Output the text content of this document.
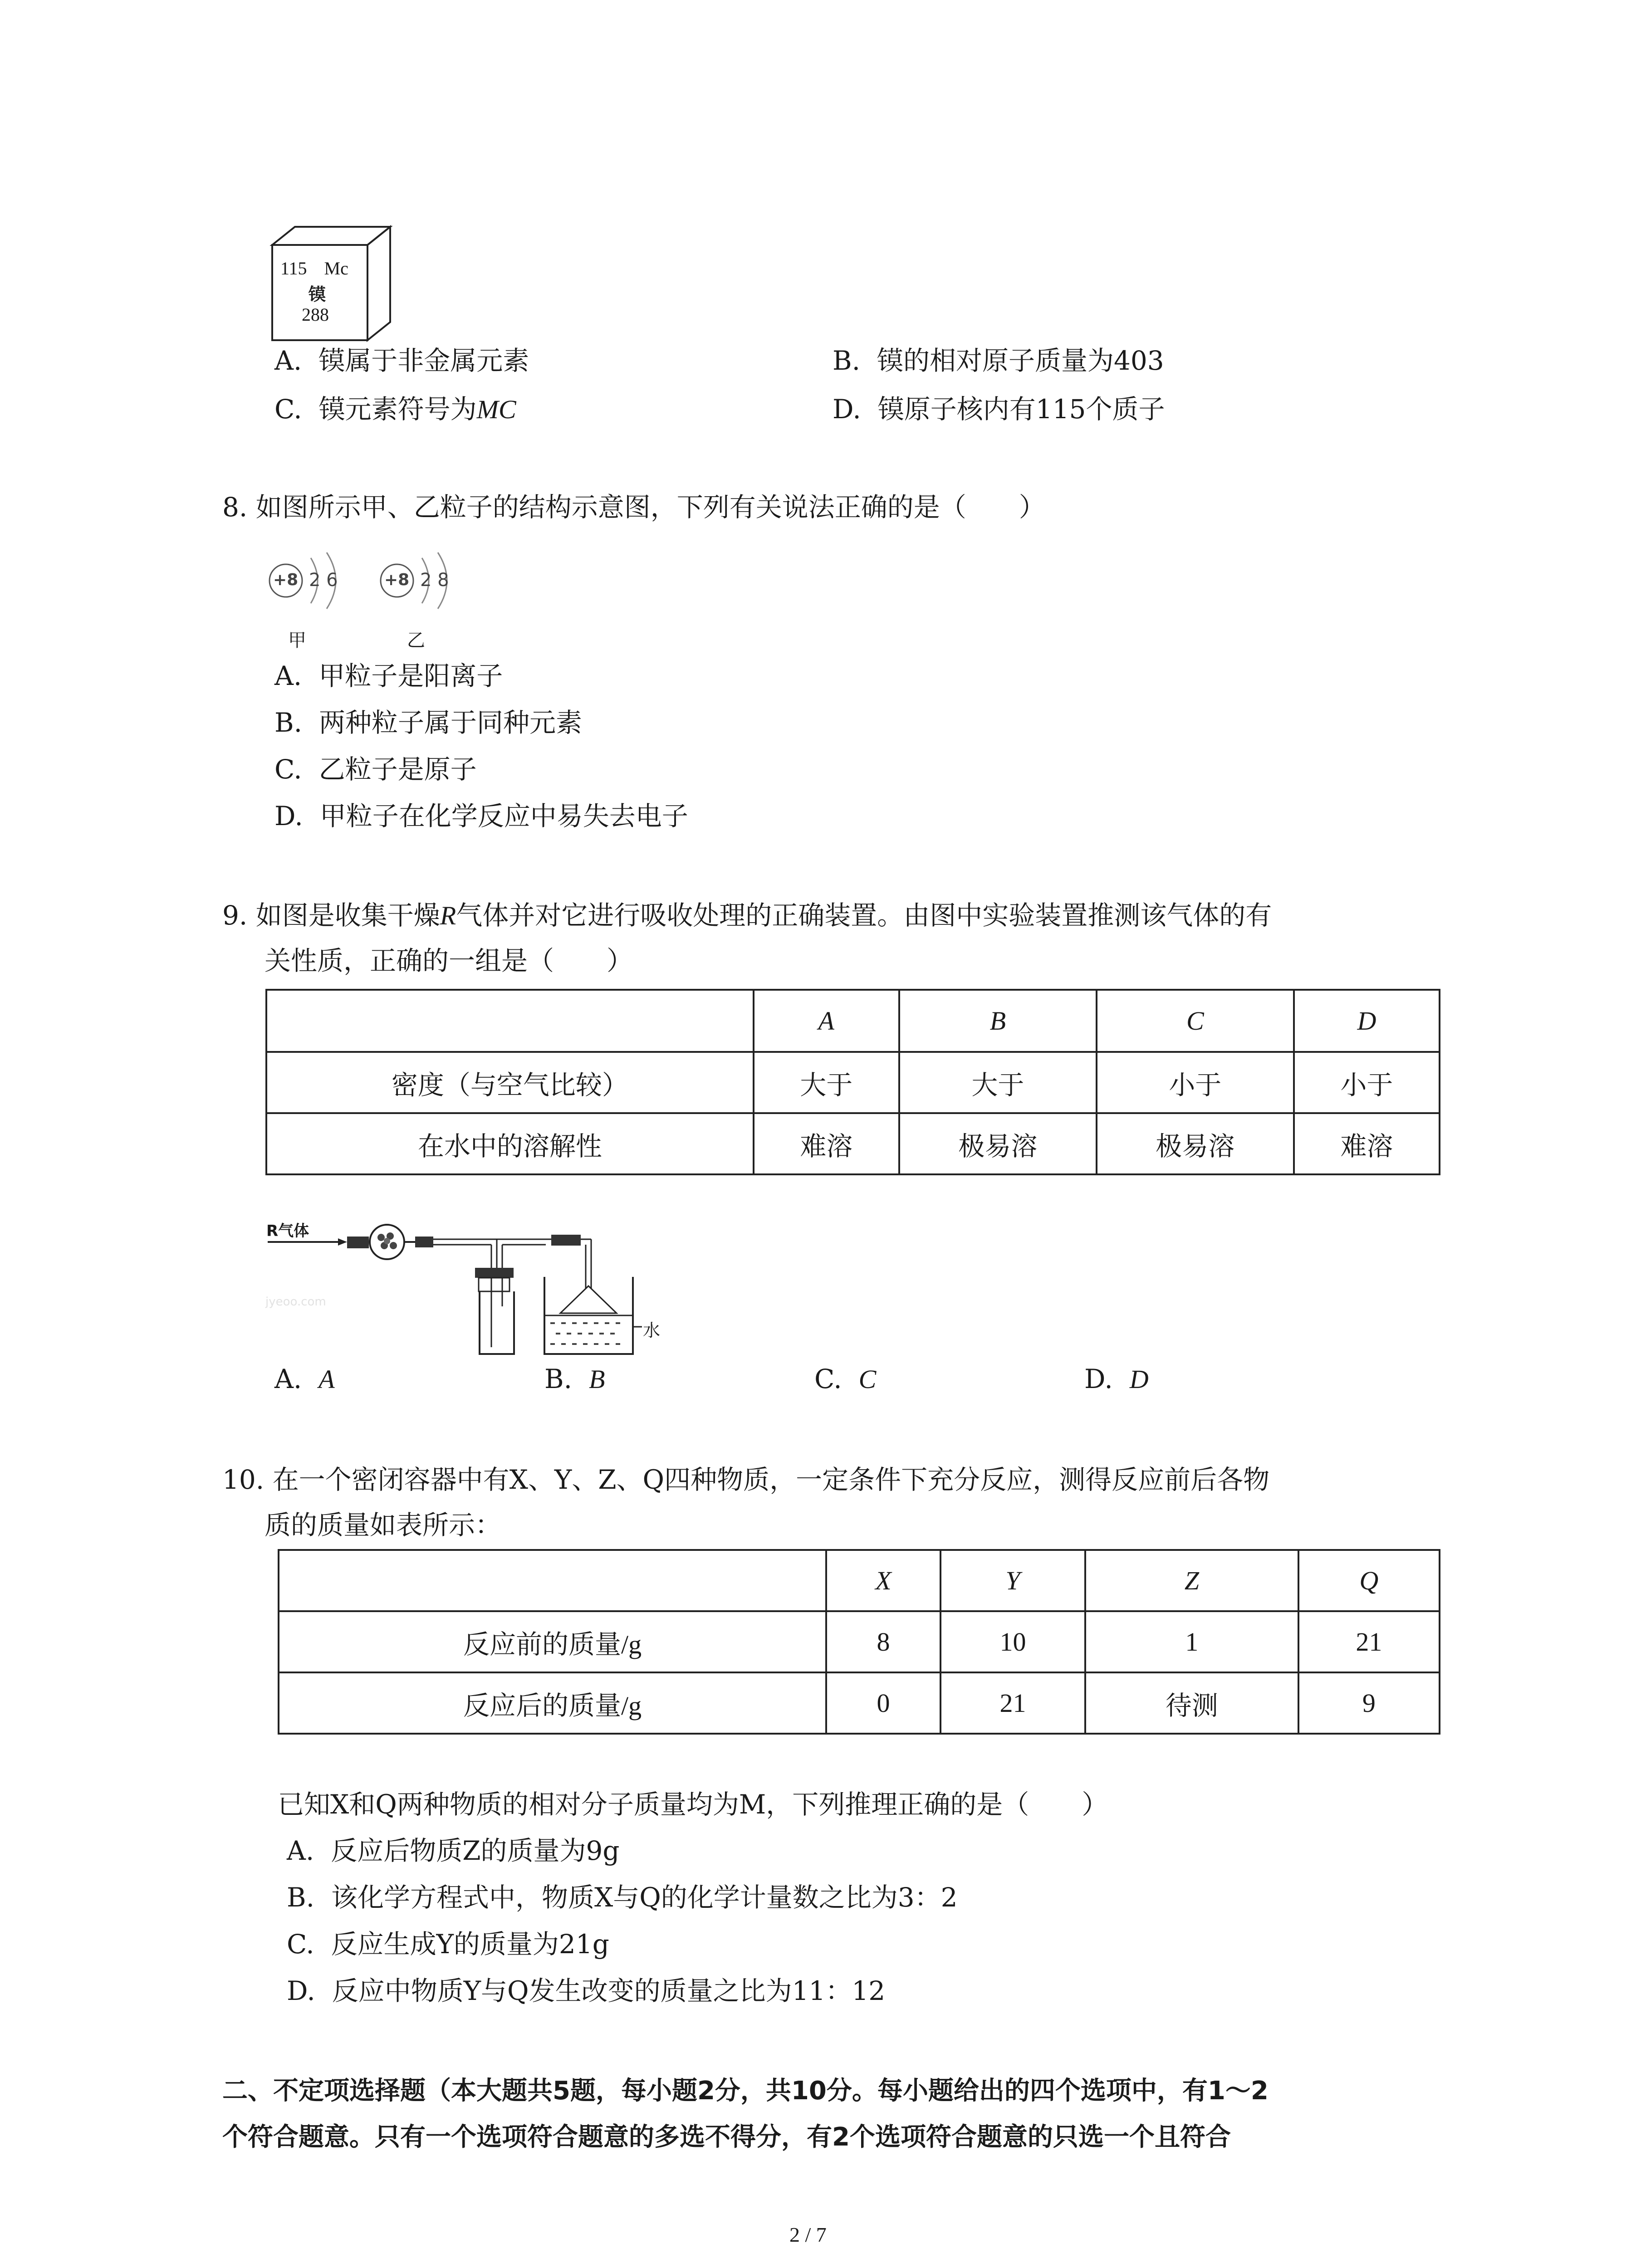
115 Mc
镆
288
A. 镆属于非金属元素	B. 镆的相对原子质量为403
C. 镆元素符号为MC	D. 镆原子核内有115个质子
8. 如图所示甲、乙粒子的结构示意图，下列有关说法正确的是（　　）
+8 2 6
甲
+8 2 8
乙
A. 甲粒子是阳离子
B. 两种粒子属于同种元素
C. 乙粒子是原子
D. 甲粒子在化学反应中易失去电子
9. 如图是收集干燥R气体并对它进行吸收处理的正确装置。由图中实验装置推测该气体的有
关性质，正确的一组是（　　）
	A	B	C	D
密度（与空气比较）	大于	大于	小于	小于
在水中的溶解性	难溶	极易溶	极易溶	难溶
R气体
水
jyeoo.com
A. A	B. B	C. C	D. D
10. 在一个密闭容器中有X、Y、Z、Q四种物质，一定条件下充分反应，测得反应前后各物
质的质量如表所示：
	X	Y	Z	Q
反应前的质量/g	8	10	1	21
反应后的质量/g	0	21	待测	9
已知X和Q两种物质的相对分子质量均为M，下列推理正确的是（　　）
A. 反应后物质Z的质量为9g
B. 该化学方程式中，物质X与Q的化学计量数之比为3：2
C. 反应生成Y的质量为21g
D. 反应中物质Y与Q发生改变的质量之比为11：12
二、不定项选择题（本大题共5题，每小题2分，共10分。每小题给出的四个选项中，有1～2
个符合题意。只有一个选项符合题意的多选不得分，有2个选项符合题意的只选一个且符合
2 / 7
